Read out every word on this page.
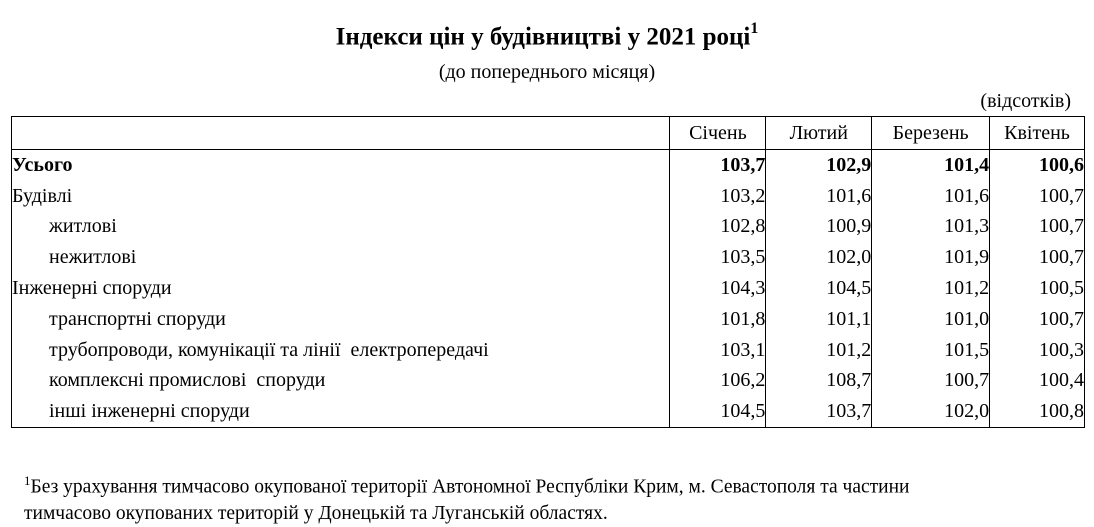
Індекси цін у будівництві у 2021 році$^1$
(до попереднього місяця)
(відсотків)
	Січень	Лютий	Березень	Квітень
Усього	103,7	102,9	101,4	100,6
Будівлі	103,2	101,6	101,6	100,7
житлові	102,8	100,9	101,3	100,7
нежитлові	103,5	102,0	101,9	100,7
Інженерні споруди	104,3	104,5	101,2	100,5
транспортні споруди	101,8	101,1	101,0	100,7
трубопроводи, комунікації та лінії  електропередачі	103,1	101,2	101,5	100,3
комплексні промислові  споруди	106,2	108,7	100,7	100,4
інші інженерні споруди	104,5	103,7	102,0	100,8
$^1$Без урахування тимчасово окупованої території Автономної Республіки Крим, м. Севастополя та частини
тимчасово окупованих територій у Донецькій та Луганській областях.
